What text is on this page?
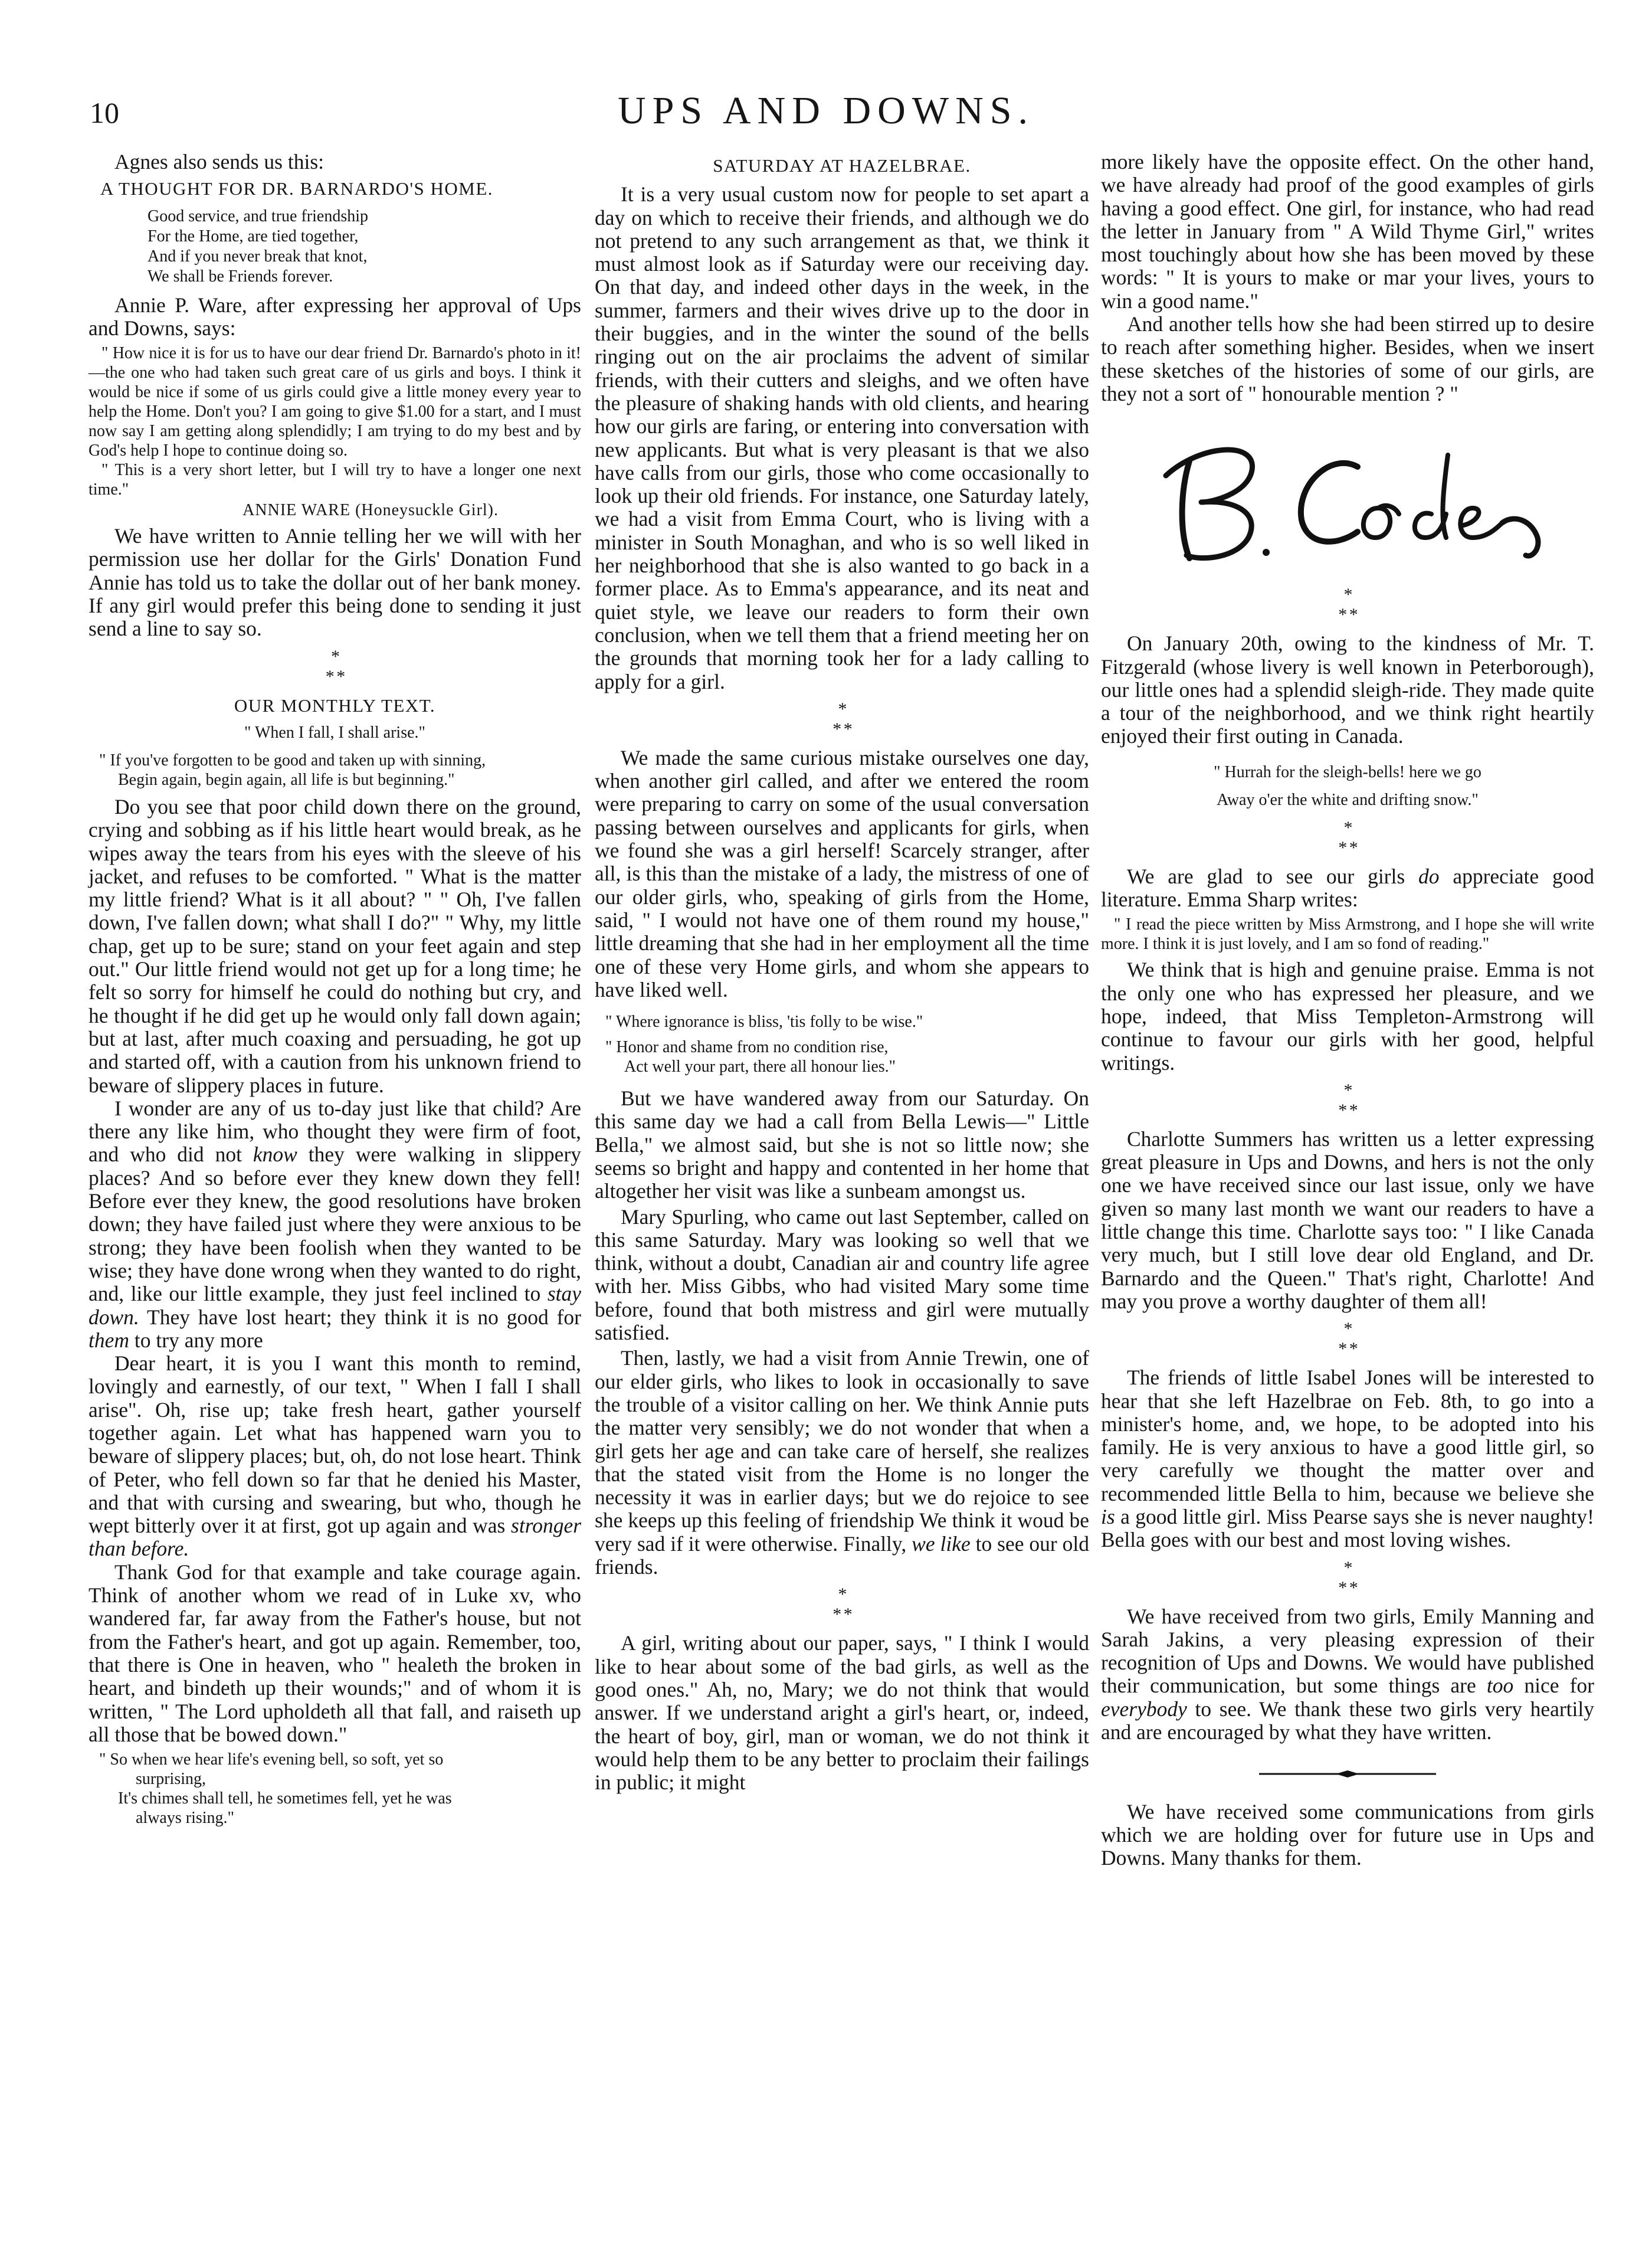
10	UPS AND DOWNS.

Agnes also sends us this:

A THOUGHT FOR DR. BARNARDO'S HOME.
Good service, and true friendship
For the Home, are tied together,
And if you never break that knot,
We shall be Friends forever.

Annie P. Ware, after expressing her approval of Ups and Downs, says:

" How nice it is for us to have our dear friend Dr. Barnardo's photo in it!—the one who had taken such great care of us girls and boys. I think it would be nice if some of us girls could give a little money every year to help the Home. Don't you? I am going to give $1.00 for a start, and I must now say I am getting along splendidly; I am trying to do my best and by God's help I hope to continue doing so.
" This is a very short letter, but I will try to have a longer one next time."
ANNIE WARE (Honeysuckle Girl).

We have written to Annie telling her we will with her permission use her dollar for the Girls' Donation Fund Annie has told us to take the dollar out of her bank money. If any girl would prefer this being done to sending it just send a line to say so.

*
* *
OUR MONTHLY TEXT.
" When I fall, I shall arise."
" If you've forgotten to be good and taken up with sinning,
Begin again, begin again, all life is but beginning."

Do you see that poor child down there on the ground, crying and sobbing as if his little heart would break, as he wipes away the tears from his eyes with the sleeve of his jacket, and refuses to be comforted. " What is the matter my little friend? What is it all about? " " Oh, I've fallen down, I've fallen down; what shall I do?" " Why, my little chap, get up to be sure; stand on your feet again and step out." Our little friend would not get up for a long time; he felt so sorry for himself he could do nothing but cry, and he thought if he did get up he would only fall down again; but at last, after much coaxing and persuading, he got up and started off, with a caution from his unknown friend to beware of slippery places in future.

I wonder are any of us to-day just like that child? Are there any like him, who thought they were firm of foot, and who did not know they were walking in slippery places? And so before ever they knew down they fell! Before ever they knew, the good resolutions have broken down; they have failed just where they were anxious to be strong; they have been foolish when they wanted to be wise; they have done wrong when they wanted to do right, and, like our little example, they just feel inclined to stay down. They have lost heart; they think it is no good for them to try any more

Dear heart, it is you I want this month to remind, lovingly and earnestly, of our text, " When I fall I shall arise". Oh, rise up; take fresh heart, gather yourself together again. Let what has happened warn you to beware of slippery places; but, oh, do not lose heart. Think of Peter, who fell down so far that he denied his Master, and that with cursing and swearing, but who, though he wept bitterly over it at first, got up again and was stronger than before.

Thank God for that example and take courage again. Think of another whom we read of in Luke xv, who wandered far, far away from the Father's house, but not from the Father's heart, and got up again. Remember, too, that there is One in heaven, who " healeth the broken in heart, and bindeth up their wounds;" and of whom it is written, " The Lord upholdeth all that fall, and raiseth up all those that be bowed down."

" So when we hear life's evening bell, so soft, yet so
surprising,
It's chimes shall tell, he sometimes fell, yet he was
always rising."
SATURDAY AT HAZELBRAE.

It is a very usual custom now for people to set apart a day on which to receive their friends, and although we do not pretend to any such arrangement as that, we think it must almost look as if Saturday were our receiving day. On that day, and indeed other days in the week, in the summer, farmers and their wives drive up to the door in their buggies, and in the winter the sound of the bells ringing out on the air proclaims the advent of similar friends, with their cutters and sleighs, and we often have the pleasure of shaking hands with old clients, and hearing how our girls are faring, or entering into conversation with new applicants. But what is very pleasant is that we also have calls from our girls, those who come occasionally to look up their old friends. For instance, one Saturday lately, we had a visit from Emma Court, who is living with a minister in South Monaghan, and who is so well liked in her neighborhood that she is also wanted to go back in a former place. As to Emma's appearance, and its neat and quiet style, we leave our readers to form their own conclusion, when we tell them that a friend meeting her on the grounds that morning took her for a lady calling to apply for a girl.

*
* *

We made the same curious mistake ourselves one day, when another girl called, and after we entered the room were preparing to carry on some of the usual conversation passing between ourselves and applicants for girls, when we found she was a girl herself! Scarcely stranger, after all, is this than the mistake of a lady, the mistress of one of our older girls, who, speaking of girls from the Home, said, " I would not have one of them round my house," little dreaming that she had in her employment all the time one of these very Home girls, and whom she appears to have liked well.

" Where ignorance is bliss, 'tis folly to be wise."
" Honor and shame from no condition rise,
Act well your part, there all honour lies."

But we have wandered away from our Saturday. On this same day we had a call from Bella Lewis—" Little Bella," we almost said, but she is not so little now; she seems so bright and happy and contented in her home that altogether her visit was like a sunbeam amongst us.

Mary Spurling, who came out last September, called on this same Saturday. Mary was looking so well that we think, without a doubt, Canadian air and country life agree with her. Miss Gibbs, who had visited Mary some time before, found that both mistress and girl were mutually satisfied.

Then, lastly, we had a visit from Annie Trewin, one of our elder girls, who likes to look in occasionally to save the trouble of a visitor calling on her. We think Annie puts the matter very sensibly; we do not wonder that when a girl gets her age and can take care of herself, she realizes that the stated visit from the Home is no longer the necessity it was in earlier days; but we do rejoice to see she keeps up this feeling of friendship We think it woud be very sad if it were otherwise. Finally, we like to see our old friends.

*
* *

A girl, writing about our paper, says, " I think I would like to hear about some of the bad girls, as well as the good ones." Ah, no, Mary; we do not think that would answer. If we understand aright a girl's heart, or, indeed, the heart of boy, girl, man or woman, we do not think it would help them to be any better to proclaim their failings in public; it might

more likely have the opposite effect. On the other hand, we have already had proof of the good examples of girls having a good effect. One girl, for instance, who had read the letter in January from " A Wild Thyme Girl," writes most touchingly about how she has been moved by these words: " It is yours to make or mar your lives, yours to win a good name."

And another tells how she had been stirred up to desire to reach after something higher. Besides, when we insert these sketches of the histories of some of our girls, are they not a sort of " honourable mention ? "

*
* *

On January 20th, owing to the kindness of Mr. T. Fitzgerald (whose livery is well known in Peterborough), our little ones had a splendid sleigh-ride. They made quite a tour of the neighborhood, and we think right heartily enjoyed their first outing in Canada.

" Hurrah for the sleigh-bells! here we go
Away o'er the white and drifting snow."
*
* *

We are glad to see our girls do appreciate good literature. Emma Sharp writes:

" I read the piece written by Miss Armstrong, and I hope she will write more. I think it is just lovely, and I am so fond of reading."

We think that is high and genuine praise. Emma is not the only one who has expressed her pleasure, and we hope, indeed, that Miss Templeton-Armstrong will continue to favour our girls with her good, helpful writings.

*
* *

Charlotte Summers has written us a letter expressing great pleasure in Ups and Downs, and hers is not the only one we have received since our last issue, only we have given so many last month we want our readers to have a little change this time. Charlotte says too: " I like Canada very much, but I still love dear old England, and Dr. Barnardo and the Queen." That's right, Charlotte! And may you prove a worthy daughter of them all!

*
* *

The friends of little Isabel Jones will be interested to hear that she left Hazelbrae on Feb. 8th, to go into a minister's home, and, we hope, to be adopted into his family. He is very anxious to have a good little girl, so very carefully we thought the matter over and recommended little Bella to him, because we believe she is a good little girl. Miss Pearse says she is never naughty! Bella goes with our best and most loving wishes.

*
* *

We have received from two girls, Emily Manning and Sarah Jakins, a very pleasing expression of their recognition of Ups and Downs. We would have published their communication, but some things are too nice for everybody to see. We thank these two girls very heartily and are encouraged by what they have written.

We have received some communications from girls which we are holding over for future use in Ups and Downs. Many thanks for them.
